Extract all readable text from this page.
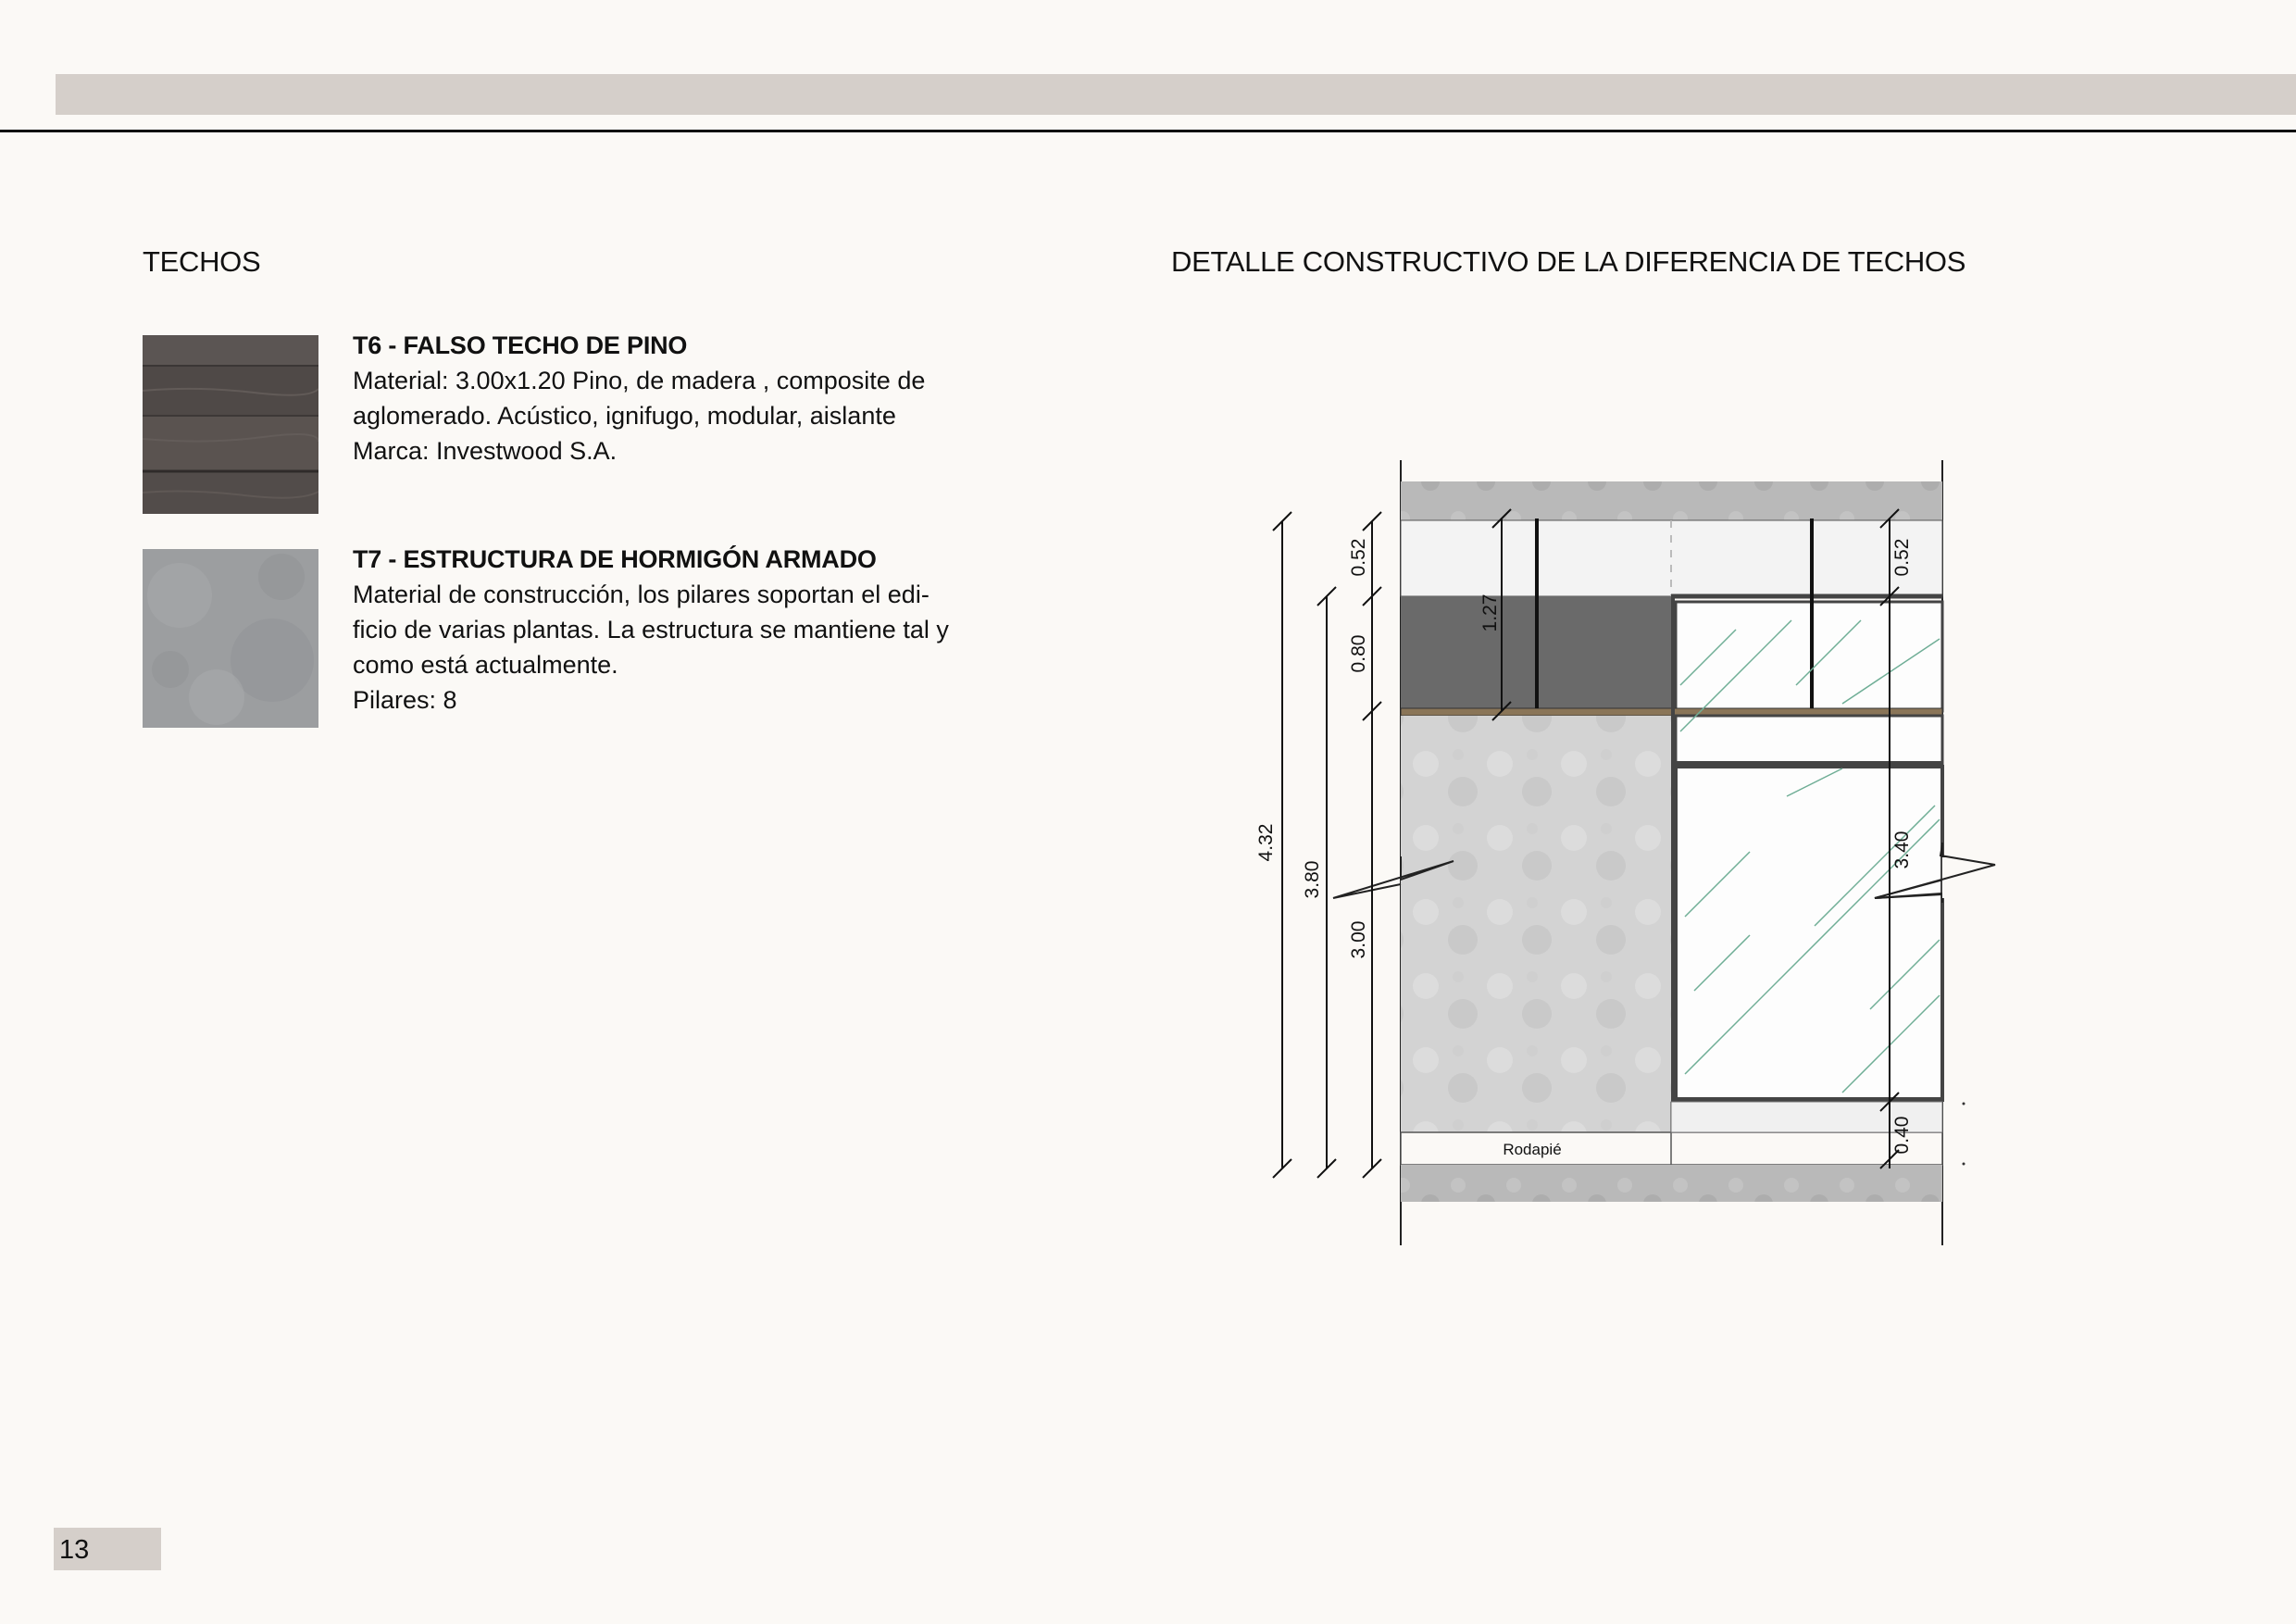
TECHOS	DETALLE CONSTRUCTIVO DE LA DIFERENCIA DE TECHOS
T6 - FALSO TECHO DE PINO
Material: 3.00x1.20 Pino, de madera , composite de
aglomerado. Acústico, ignifugo, modular, aislante
Marca: Investwood S.A.
T7 - ESTRUCTURA DE HORMIGÓN ARMADO
Material de construcción, los pilares soportan el edi-
ficio de varias plantas. La estructura se mantiene tal y
como está actualmente.
Pilares: 8
Rodapié
4.32
3.80
3.00
0.52
0.80
1.27
0.52
3.40
0.40
13
